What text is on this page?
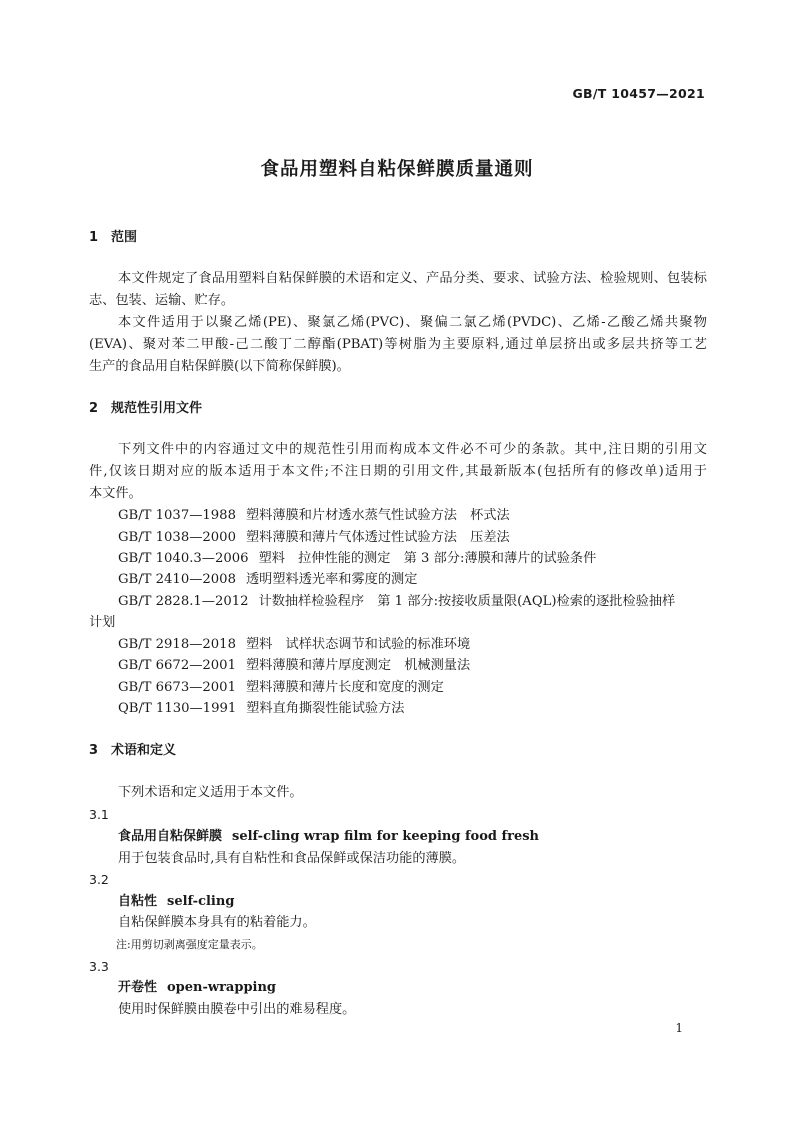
GB/T 10457—2021
食品用塑料自粘保鲜膜质量通则
1 范围
本文件规定了食品用塑料自粘保鲜膜的术语和定义、产品分类、要求、试验方法、检验规则、包装标
志、包装、运输、贮存。
本文件适用于以聚乙烯(PE)、聚氯乙烯(PVC)、聚偏二氯乙烯(PVDC)、乙烯-乙酸乙烯共聚物
(EVA)、聚对苯二甲酸-己二酸丁二醇酯(PBAT)等树脂为主要原料,通过单层挤出或多层共挤等工艺
生产的食品用自粘保鲜膜(以下简称保鲜膜)。
2 规范性引用文件
下列文件中的内容通过文中的规范性引用而构成本文件必不可少的条款。其中,注日期的引用文
件,仅该日期对应的版本适用于本文件;不注日期的引用文件,其最新版本(包括所有的修改单)适用于
本文件。
GB/T 1037—1988 塑料薄膜和片材透水蒸气性试验方法　杯式法
GB/T 1038—2000 塑料薄膜和薄片气体透过性试验方法　压差法
GB/T 1040.3—2006 塑料　拉伸性能的测定　第 3 部分:薄膜和薄片的试验条件
GB/T 2410—2008 透明塑料透光率和雾度的测定
GB/T 2828.1—2012 计数抽样检验程序　第 1 部分:按接收质量限(AQL)检索的逐批检验抽样
计划
GB/T 2918—2018 塑料　试样状态调节和试验的标准环境
GB/T 6672—2001 塑料薄膜和薄片厚度测定　机械测量法
GB/T 6673—2001 塑料薄膜和薄片长度和宽度的测定
QB/T 1130—1991 塑料直角撕裂性能试验方法
3 术语和定义
下列术语和定义适用于本文件。
3.1
食品用自粘保鲜膜 self-cling wrap film for keeping food fresh
用于包装食品时,具有自粘性和食品保鲜或保洁功能的薄膜。
3.2
自粘性 self-cling
自粘保鲜膜本身具有的粘着能力。
注:用剪切剥离强度定量表示。
3.3
开卷性 open-wrapping
使用时保鲜膜由膜卷中引出的难易程度。
1
